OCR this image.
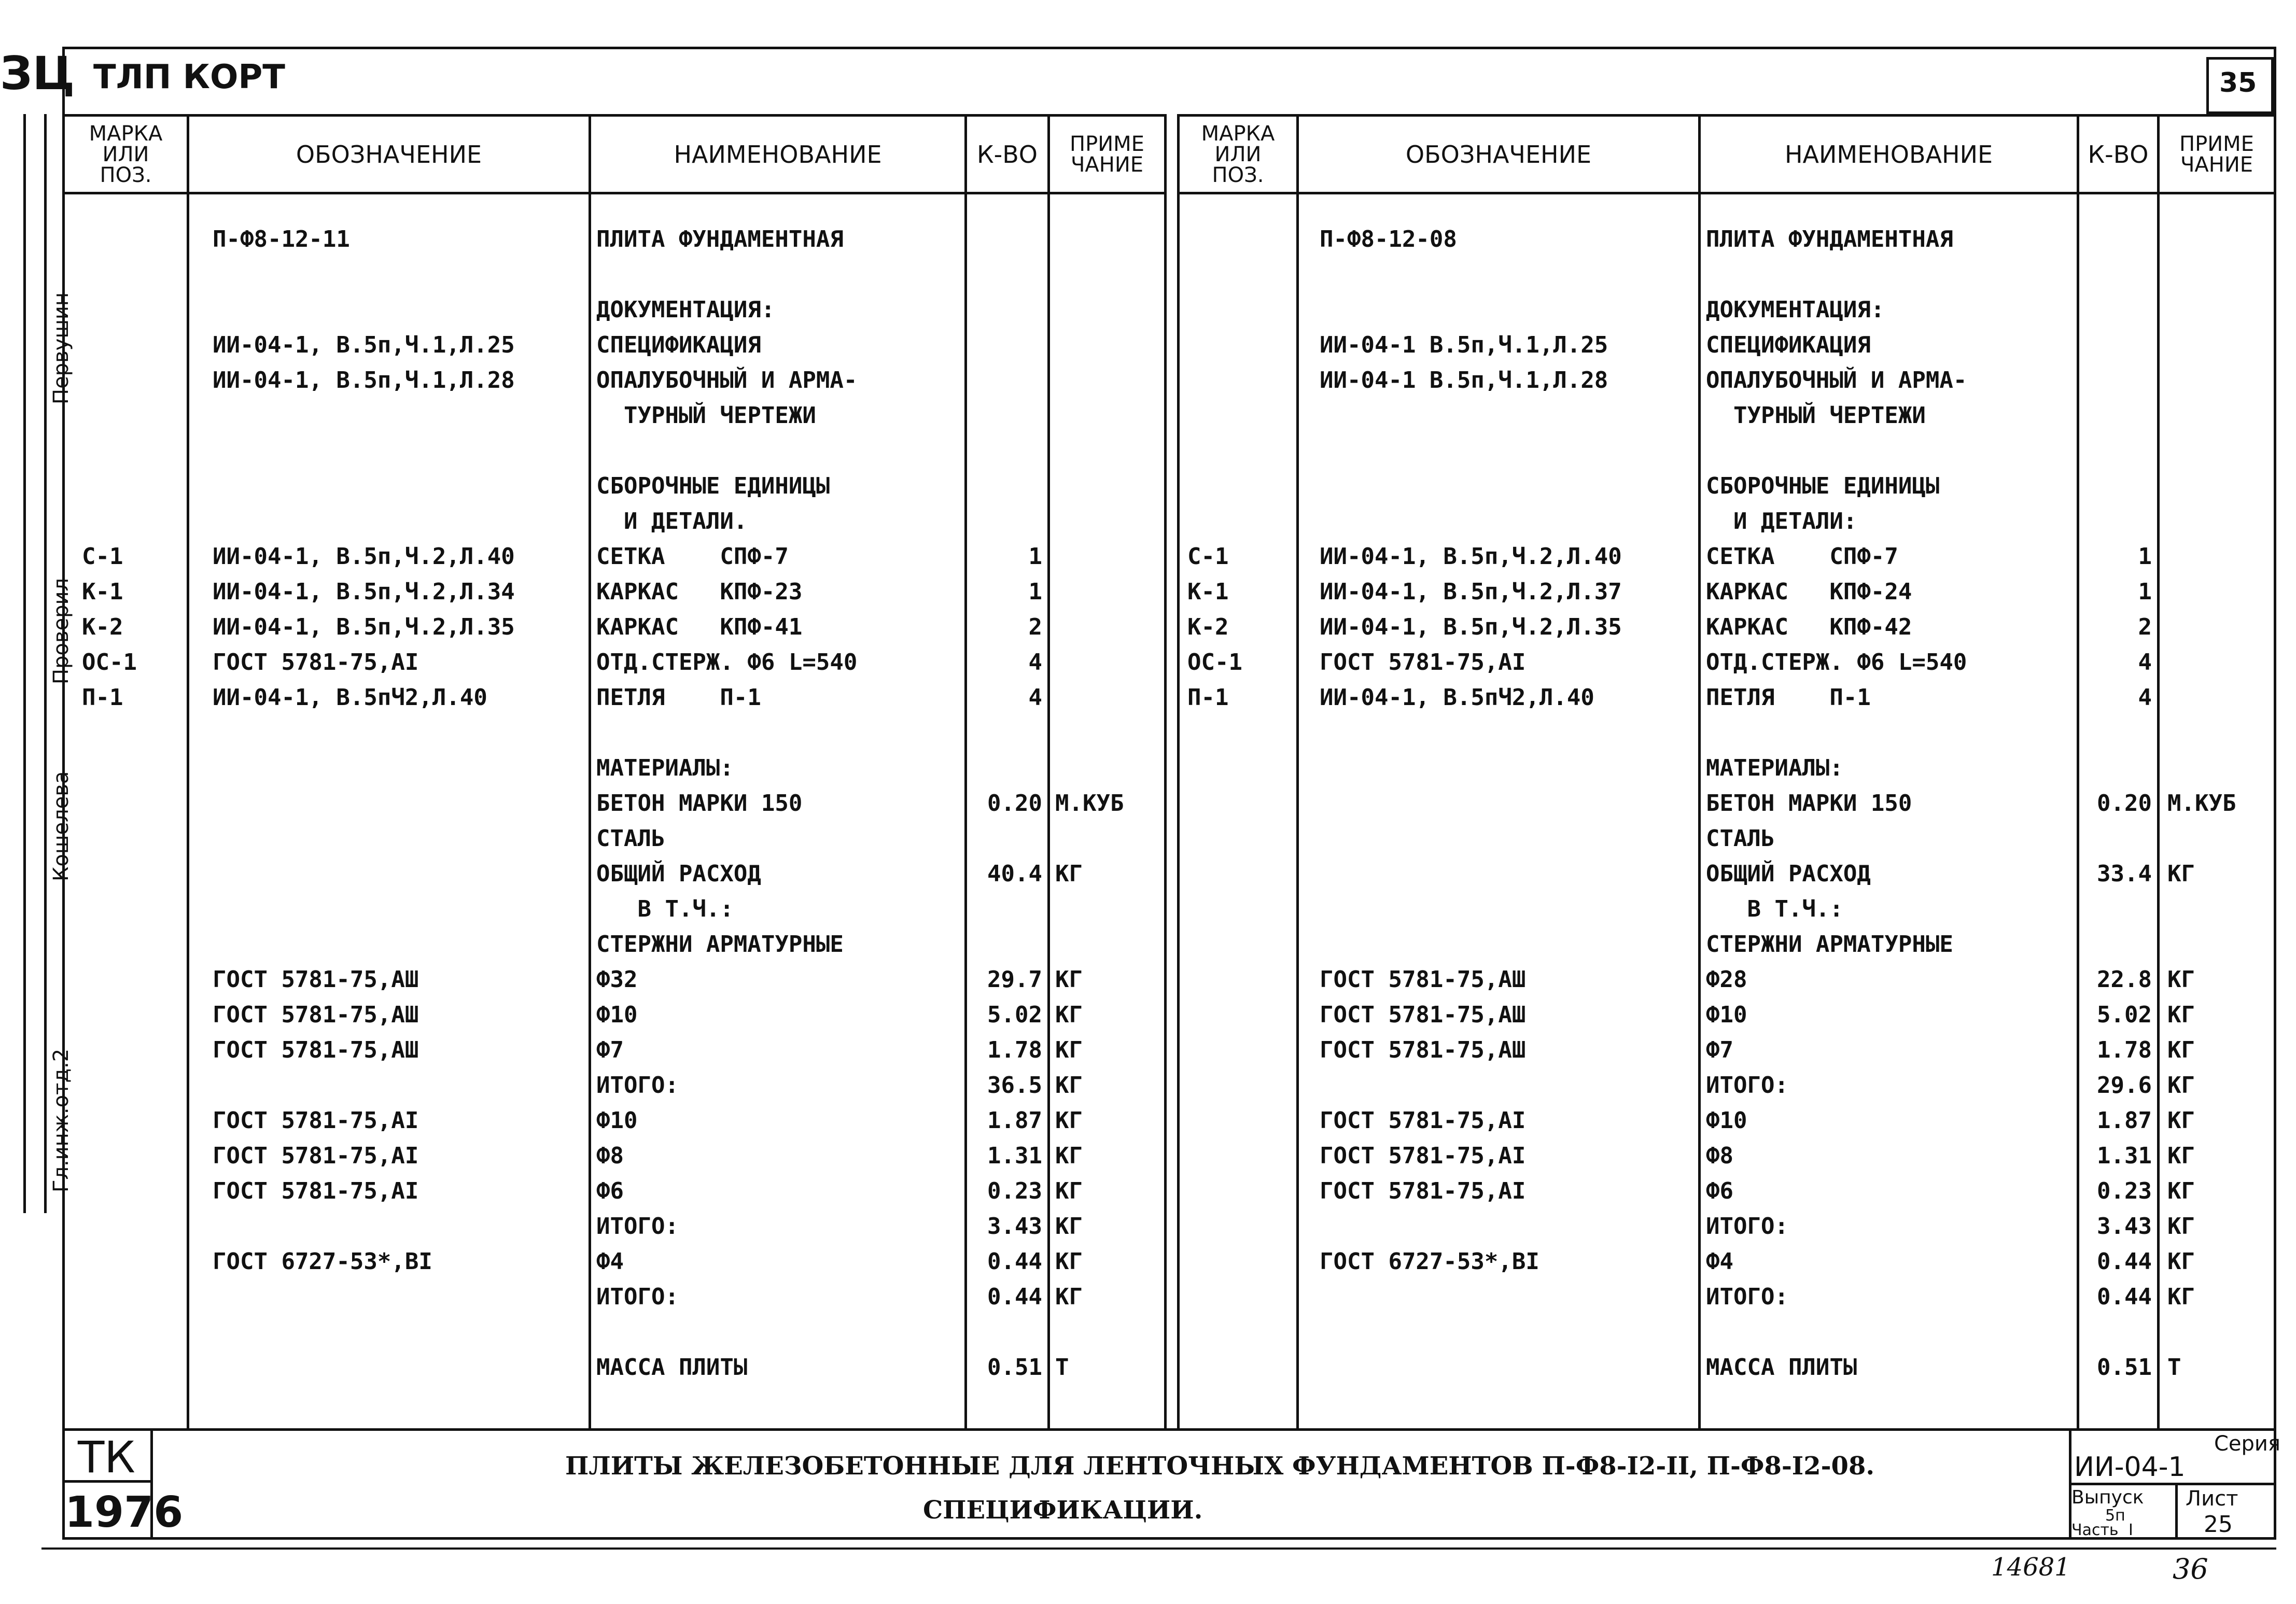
ЗЦ ТЛП КОРТ	35
Первушин
Проверил
Кошелева
Гл.инж.отд.2
МАРКА
ИЛИ
ПОЗ.
ОБОЗНАЧЕНИЕ	НАИМЕНОВАНИЕ	К-ВО	ПРИМЕ
ЧАНИЕ
МАРКА
ИЛИ
ПОЗ.
ОБОЗНАЧЕНИЕ	НАИМЕНОВАНИЕ	К-ВО	ПРИМЕ
ЧАНИЕ
П-Ф8-12-11	ПЛИТА ФУНДАМЕНТНАЯ
ДОКУМЕНТАЦИЯ:
ИИ-04-1, В.5п,Ч.1,Л.25	СПЕЦИФИКАЦИЯ
ИИ-04-1, В.5п,Ч.1,Л.28	ОПАЛУБОЧНЫЙ И АРМА-
ТУРНЫЙ ЧЕРТЕЖИ
СБОРОЧНЫЕ ЕДИНИЦЫ
И ДЕТАЛИ.
С-1	ИИ-04-1, В.5п,Ч.2,Л.40	СЕТКА    СПФ-7	1
К-1	ИИ-04-1, В.5п,Ч.2,Л.34	КАРКАС   КПФ-23	1
К-2	ИИ-04-1, В.5п,Ч.2,Л.35	КАРКАС   КПФ-41	2
ОС-1	ГОСТ 5781-75,АI	ОТД.СТЕРЖ. Ф6 L=540	4
П-1	ИИ-04-1, В.5пЧ2,Л.40	ПЕТЛЯ    П-1	4
МАТЕРИАЛЫ:
БЕТОН МАРКИ 150	0.20 М.КУБ
СТАЛЬ
ОБЩИЙ РАСХОД	40.4 КГ
В Т.Ч.:
СТЕРЖНИ АРМАТУРНЫЕ
ГОСТ 5781-75,АШ	Ф32	29.7 КГ
ГОСТ 5781-75,АШ	Ф10	5.02 КГ
ГОСТ 5781-75,АШ	Ф7	1.78 КГ
ИТОГО:	36.5 КГ
ГОСТ 5781-75,АI	Ф10	1.87 КГ
ГОСТ 5781-75,АI	Ф8	1.31 КГ
ГОСТ 5781-75,АI	Ф6	0.23 КГ
ИТОГО:	3.43 КГ
ГОСТ 6727-53*,BI	Ф4	0.44 КГ
ИТОГО:	0.44 КГ
МАССА ПЛИТЫ	0.51 Т
П-Ф8-12-08	ПЛИТА ФУНДАМЕНТНАЯ
ДОКУМЕНТАЦИЯ:
ИИ-04-1 В.5п,Ч.1,Л.25	СПЕЦИФИКАЦИЯ
ИИ-04-1 В.5п,Ч.1,Л.28	ОПАЛУБОЧНЫЙ И АРМА-
ТУРНЫЙ ЧЕРТЕЖИ
СБОРОЧНЫЕ ЕДИНИЦЫ
И ДЕТАЛИ:
С-1	ИИ-04-1, В.5п,Ч.2,Л.40	СЕТКА    СПФ-7	1
К-1	ИИ-04-1, В.5п,Ч.2,Л.37	КАРКАС   КПФ-24	1
К-2	ИИ-04-1, В.5п,Ч.2,Л.35	КАРКАС   КПФ-42	2
ОС-1	ГОСТ 5781-75,АI	ОТД.СТЕРЖ. Ф6 L=540	4
П-1	ИИ-04-1, В.5пЧ2,Л.40	ПЕТЛЯ    П-1	4
МАТЕРИАЛЫ:
БЕТОН МАРКИ 150	0.20 М.КУБ
СТАЛЬ
ОБЩИЙ РАСХОД	33.4 КГ
В Т.Ч.:
СТЕРЖНИ АРМАТУРНЫЕ
ГОСТ 5781-75,АШ	Ф28	22.8 КГ
ГОСТ 5781-75,АШ	Ф10	5.02 КГ
ГОСТ 5781-75,АШ	Ф7	1.78 КГ
ИТОГО:	29.6 КГ
ГОСТ 5781-75,АI	Ф10	1.87 КГ
ГОСТ 5781-75,АI	Ф8	1.31 КГ
ГОСТ 5781-75,АI	Ф6	0.23 КГ
ИТОГО:	3.43 КГ
ГОСТ 6727-53*,BI	Ф4	0.44 КГ
ИТОГО:	0.44 КГ
МАССА ПЛИТЫ	0.51 Т
ТК
1976
ПЛИТЫ ЖЕЛЕЗОБЕТОННЫЕ ДЛЯ ЛЕНТОЧНЫХ ФУНДАМЕНТОВ П-Ф8-I2-II, П-Ф8-I2-08.
СПЕЦИФИКАЦИИ.
Серия
ИИ-04-1
Выпуск
5п
Часть I
Лист
25
14681	36
